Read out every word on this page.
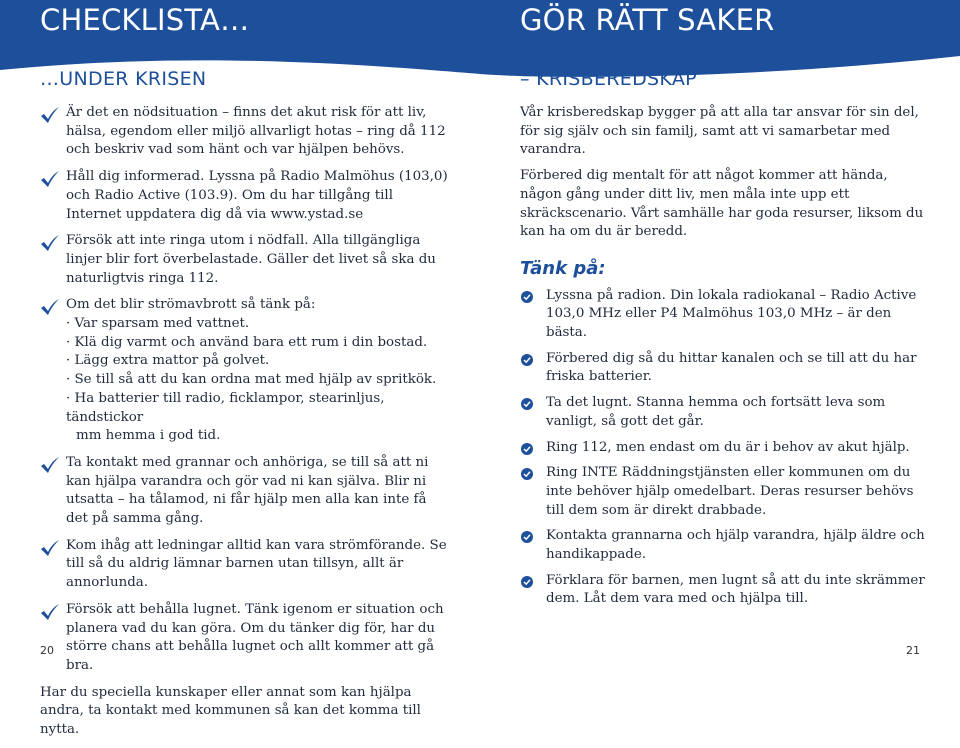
CHECKLISTA…	GÖR RÄTT SAKER
…UNDER KRISEN	– KRISBEREDSKAP
Är det en nödsituation – finns det akut risk för att liv, hälsa, egendom eller miljö allvarligt hotas – ring då 112 och beskriv vad som hänt och var hjälpen behövs.
Håll dig informerad. Lyssna på Radio Malmöhus (103,0) och Radio Active (103.9). Om du har tillgång till Internet uppdatera dig då via www.ystad.se
Försök att inte ringa utom i nödfall. Alla tillgängliga linjer blir fort överbelastade. Gäller det livet så ska du naturligtvis ringa 112.
Om det blir strömavbrott så tänk på:
· Var sparsam med vattnet.
· Klä dig varmt och använd bara ett rum i din bostad.
· Lägg extra mattor på golvet.
· Se till så att du kan ordna mat med hjälp av spritkök.
· Ha batterier till radio, ficklampor, stearinljus, tändstickor
mm hemma i god tid.
Ta kontakt med grannar och anhöriga, se till så att ni kan hjälpa varandra och gör vad ni kan själva. Blir ni utsatta – ha tålamod, ni får hjälp men alla kan inte få det på samma gång.
Kom ihåg att ledningar alltid kan vara strömförande. Se till så du aldrig lämnar barnen utan tillsyn, allt är annorlunda.
Försök att behålla lugnet. Tänk igenom er situation och planera vad du kan göra. Om du tänker dig för, har du större chans att behålla lugnet och allt kommer att gå bra.
Har du speciella kunskaper eller annat som kan hjälpa andra, ta kontakt med kommunen så kan det komma till nytta.

Vår krisberedskap bygger på att alla tar ansvar för sin del, för sig själv och sin familj, samt att vi samarbetar med varandra.

Förbered dig mentalt för att något kommer att hända, någon gång under ditt liv, men måla inte upp ett skräckscenario. Vårt samhälle har goda resurser, liksom du kan ha om du är beredd.

Tänk på:
Lyssna på radion. Din lokala radiokanal – Radio Active 103,0 MHz eller P4 Malmöhus 103,0 MHz – är den bästa.
Förbered dig så du hittar kanalen och se till att du har friska batterier.
Ta det lugnt. Stanna hemma och fortsätt leva som vanligt, så gott det går.
Ring 112, men endast om du är i behov av akut hjälp.
Ring INTE Räddningstjänsten eller kommunen om du inte behöver hjälp omedelbart. Deras resurser behövs till dem som är direkt drabbade.
Kontakta grannarna och hjälp varandra, hjälp äldre och handikappade.
Förklara för barnen, men lugnt så att du inte skrämmer dem. Låt dem vara med och hjälpa till.
20	21
